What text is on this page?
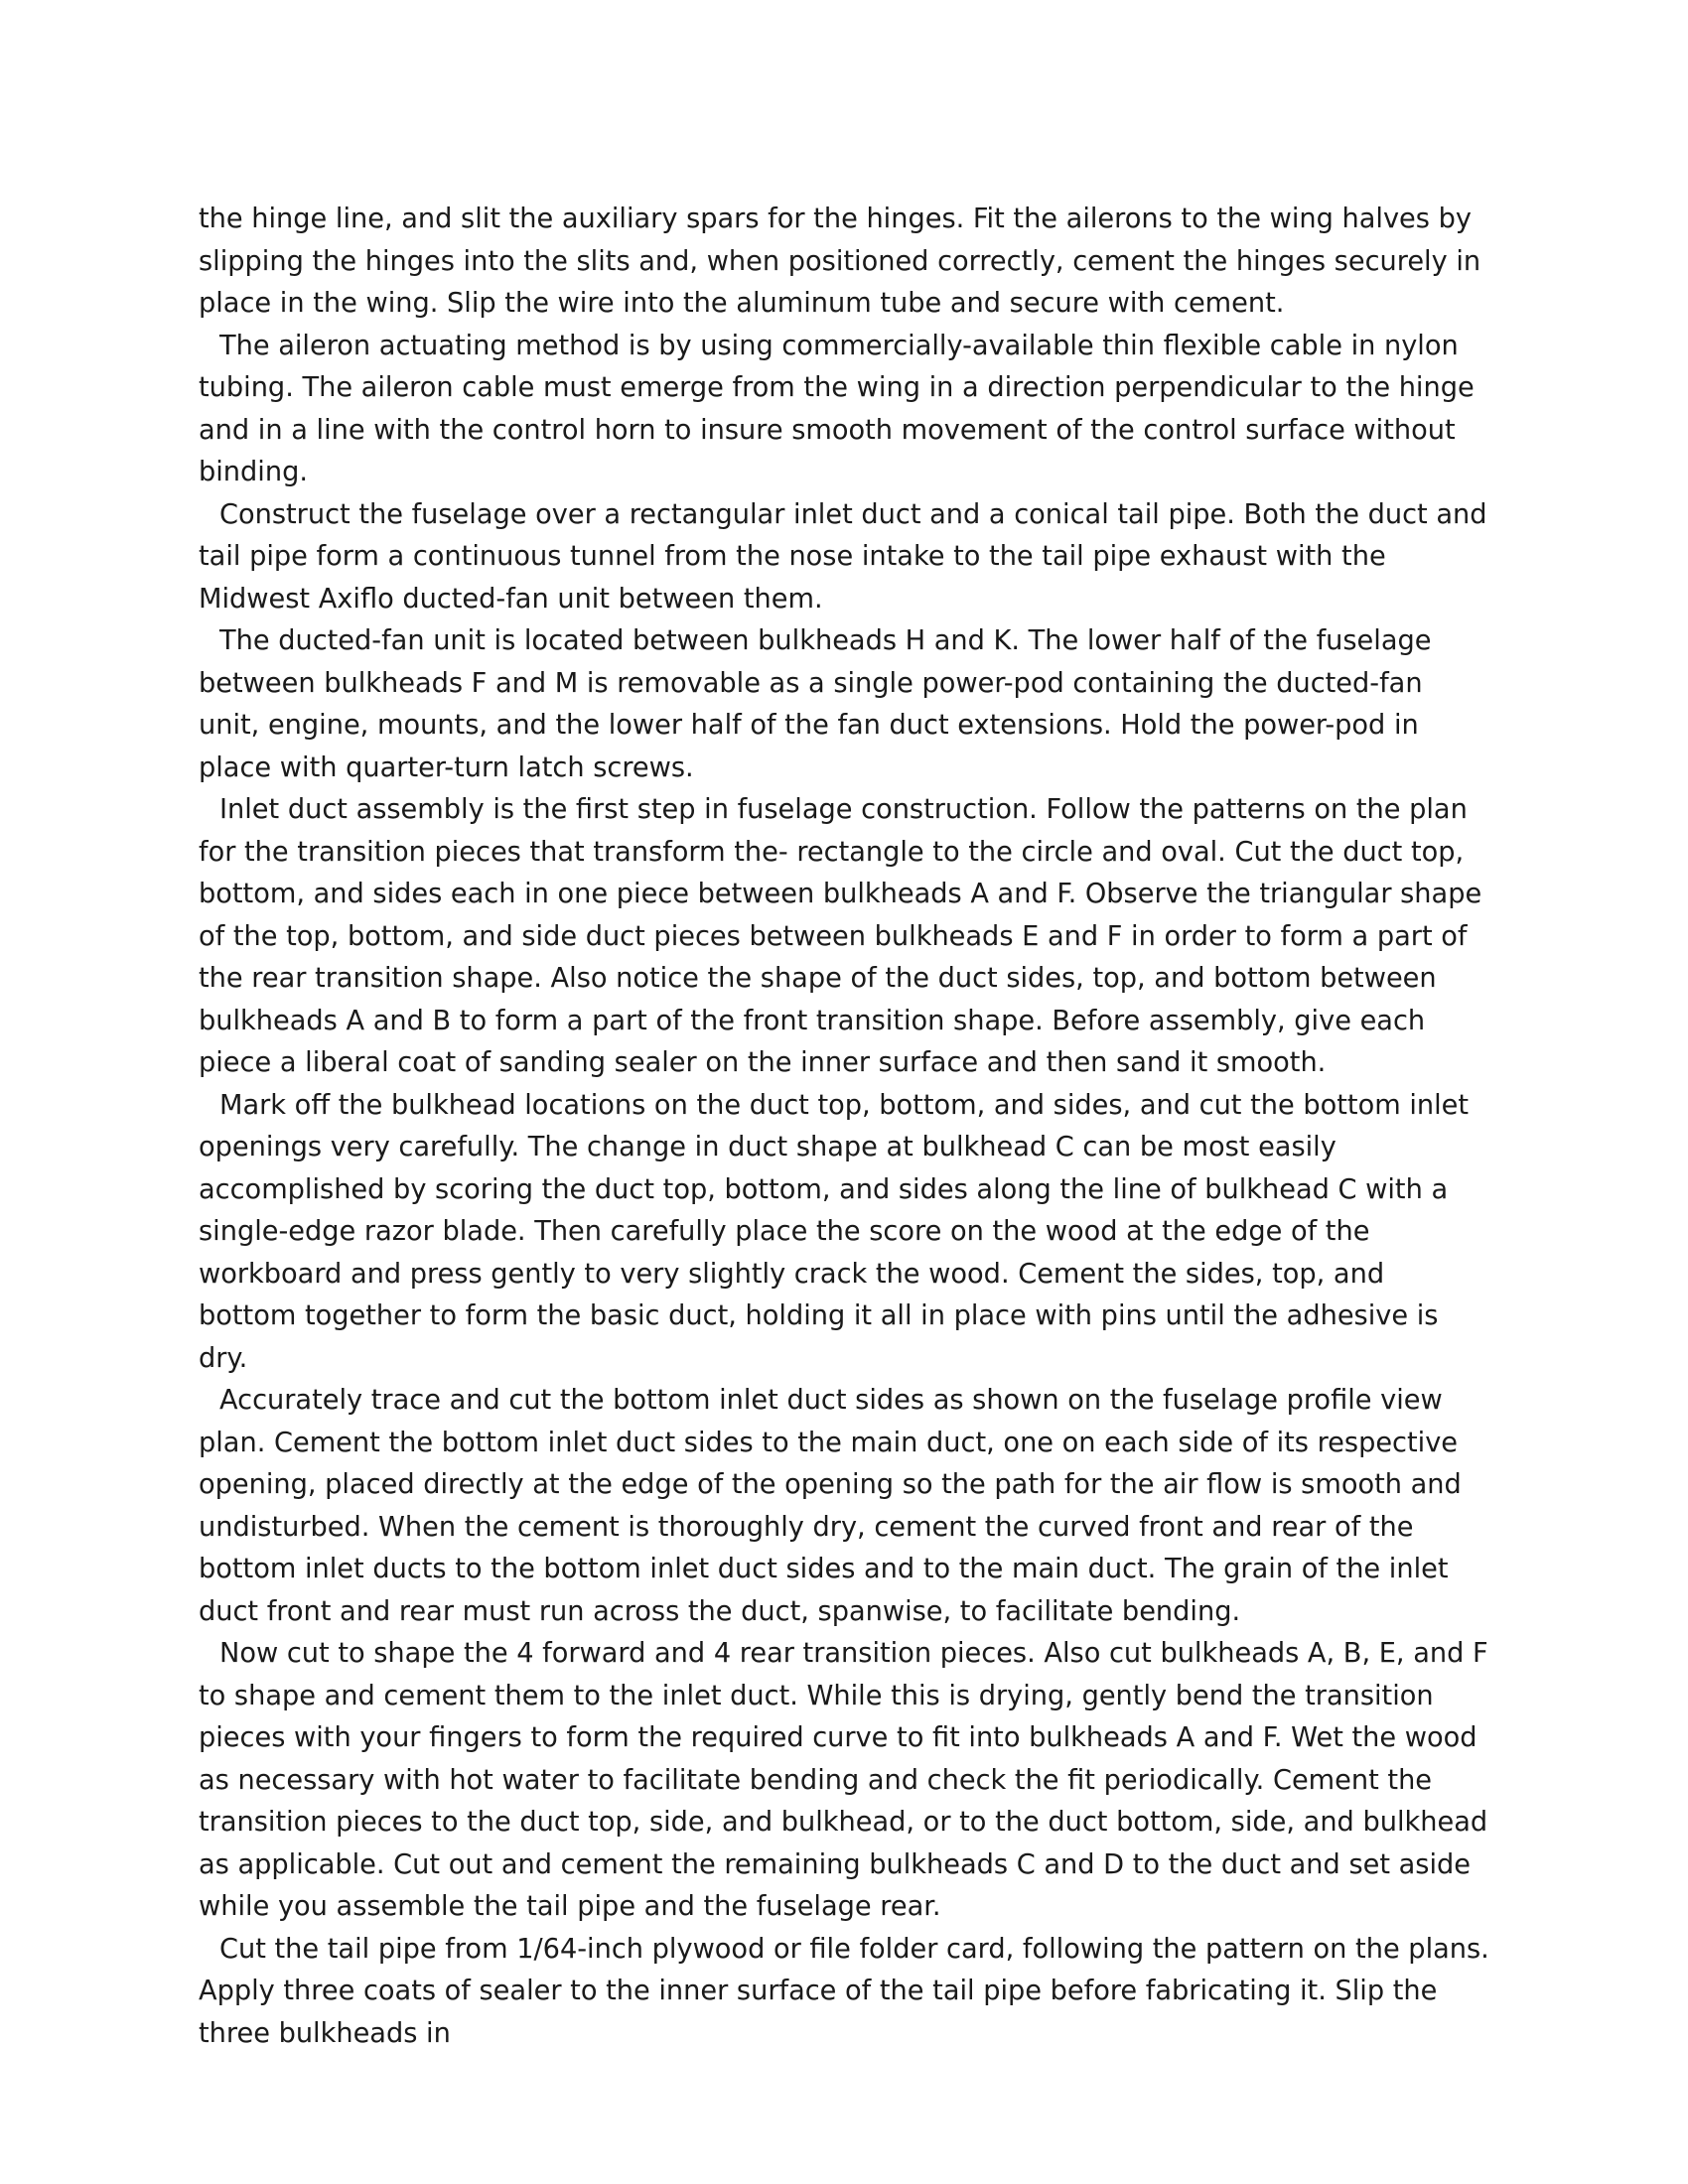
the hinge line, and slit the auxiliary spars for the hinges. Fit the ailerons to the wing halves by slipping the hinges into the slits and, when positioned correctly, cement the hinges securely in place in the wing. Slip the wire into the aluminum tube and secure with cement.

The aileron actuating method is by using commercially-available thin flexible cable in nylon tubing. The aileron cable must emerge from the wing in a direction perpendicular to the hinge and in a line with the control horn to insure smooth movement of the control surface without binding.

Construct the fuselage over a rectangular inlet duct and a conical tail pipe. Both the duct and tail pipe form a continuous tunnel from the nose intake to the tail pipe exhaust with the Midwest Axiflo ducted-fan unit between them.

The ducted-fan unit is located between bulkheads H and K. The lower half of the fuselage between bulkheads F and M is removable as a single power-pod containing the ducted-fan unit, engine, mounts, and the lower half of the fan duct extensions. Hold the power-pod in place with quarter-turn latch screws.

Inlet duct assembly is the first step in fuselage construction. Follow the patterns on the plan for the transition pieces that transform the- rectangle to the circle and oval. Cut the duct top, bottom, and sides each in one piece between bulkheads A and F. Observe the triangular shape of the top, bottom, and side duct pieces between bulkheads E and F in order to form a part of the rear transition shape. Also notice the shape of the duct sides, top, and bottom between bulkheads A and B to form a part of the front transition shape. Before assembly, give each piece a liberal coat of sanding sealer on the inner surface and then sand it smooth.

Mark off the bulkhead locations on the duct top, bottom, and sides, and cut the bottom inlet openings very carefully. The change in duct shape at bulkhead C can be most easily accomplished by scoring the duct top, bottom, and sides along the line of bulkhead C with a single-edge razor blade. Then carefully place the score on the wood at the edge of the workboard and press gently to very slightly crack the wood. Cement the sides, top, and bottom together to form the basic duct, holding it all in place with pins until the adhesive is dry.

Accurately trace and cut the bottom inlet duct sides as shown on the fuselage profile view plan. Cement the bottom inlet duct sides to the main duct, one on each side of its respective opening, placed directly at the edge of the opening so the path for the air flow is smooth and undisturbed. When the cement is thoroughly dry, cement the curved front and rear of the bottom inlet ducts to the bottom inlet duct sides and to the main duct. The grain of the inlet duct front and rear must run across the duct, spanwise, to facilitate bending.

Now cut to shape the 4 forward and 4 rear transition pieces. Also cut bulkheads A, B, E, and F to shape and cement them to the inlet duct. While this is drying, gently bend the transition pieces with your fingers to form the required curve to fit into bulkheads A and F. Wet the wood as necessary with hot water to facilitate bending and check the fit periodically. Cement the transition pieces to the duct top, side, and bulkhead, or to the duct bottom, side, and bulkhead as applicable. Cut out and cement the remaining bulkheads C and D to the duct and set aside while you assemble the tail pipe and the fuselage rear.

Cut the tail pipe from 1/64-inch plywood or file folder card, following the pattern on the plans. Apply three coats of sealer to the inner surface of the tail pipe before fabricating it. Slip the three bulkheads in
